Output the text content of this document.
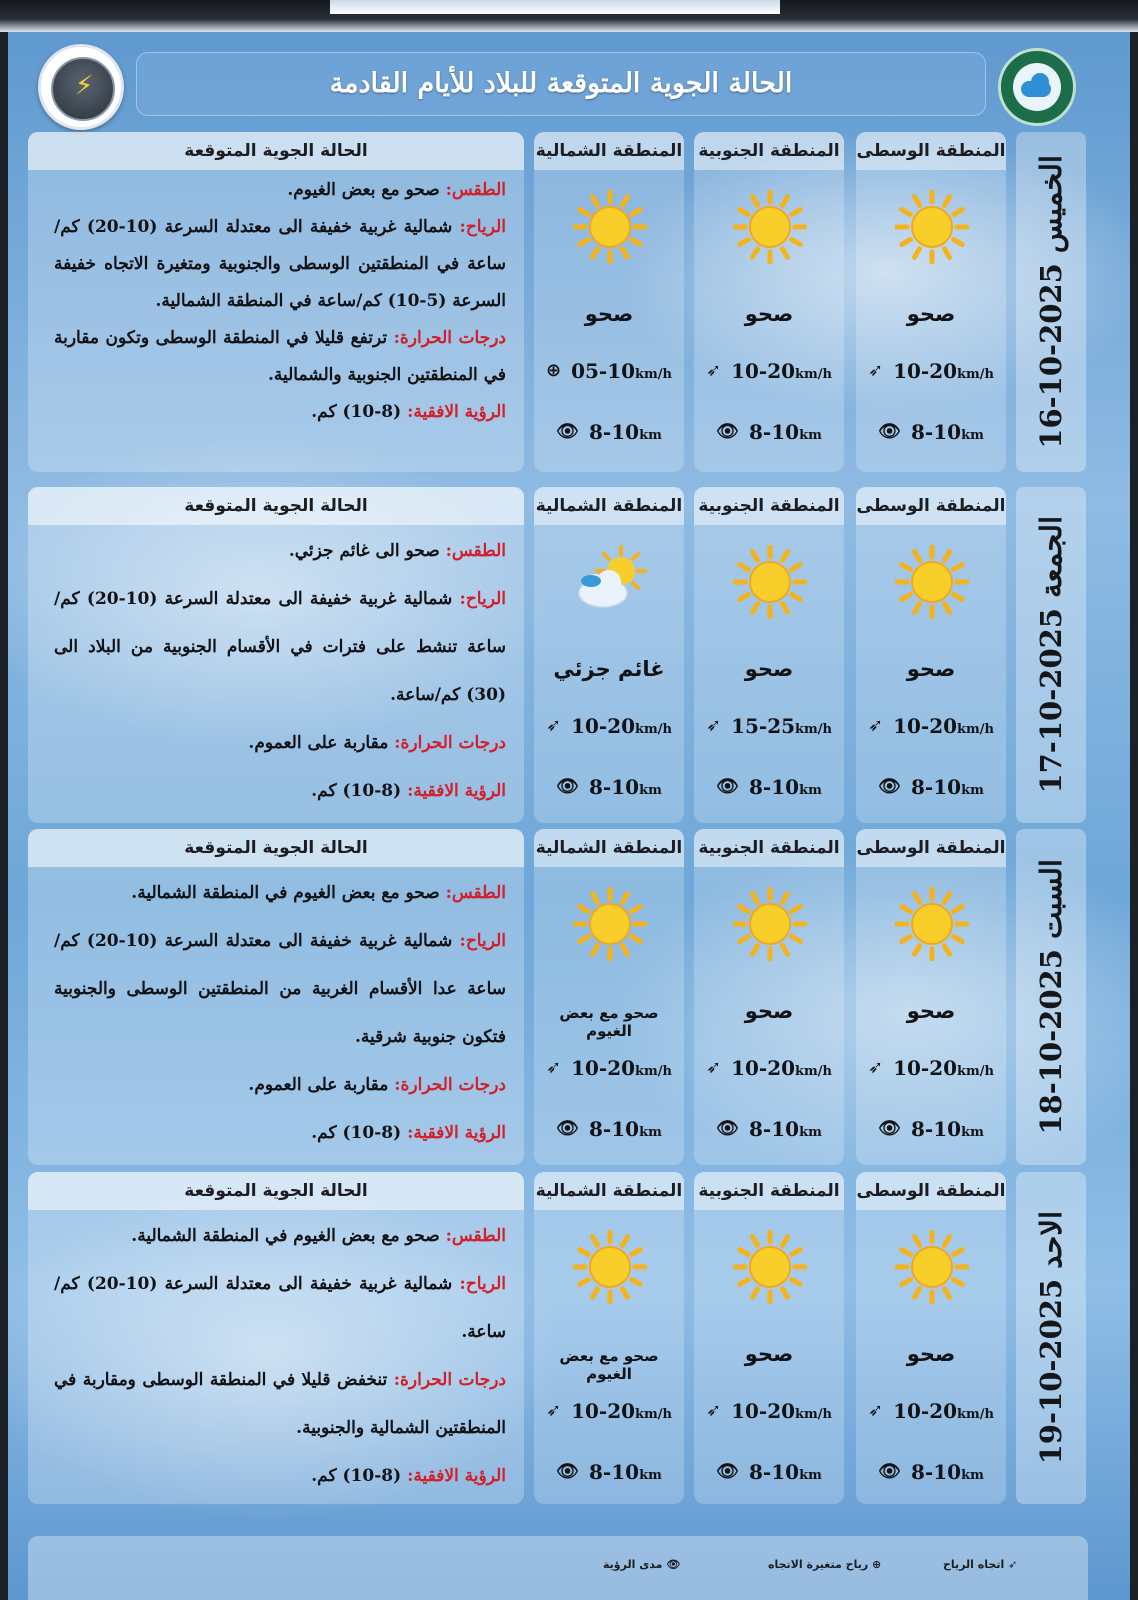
⚡	الحالة الجوية المتوقعة للبلاد للأيام القادمة
الخميس 2025-10-16
المنطقة الوسطى
صحو
➶ 10-20km/h
👁 8-10km
المنطقة الجنوبية
صحو
➶ 10-20km/h
👁 8-10km
المنطقة الشمالية
صحو
⊕ 05-10km/h
👁 8-10km
الحالة الجوية المتوقعة

الطقس: صحو مع بعض الغيوم.

الرياح: شمالية غربية خفيفة الى معتدلة السرعة (10-20) كم/ساعة في المنطقتين الوسطى والجنوبية ومتغيرة الاتجاه خفيفة السرعة (5-10) كم/ساعة في المنطقة الشمالية.

درجات الحرارة: ترتفع قليلا في المنطقة الوسطى وتكون مقاربة في المنطقتين الجنوبية والشمالية.

الرؤية الافقية: (8-10) كم.

الجمعة 2025-10-17
المنطقة الوسطى
صحو
➶ 10-20km/h
👁 8-10km
المنطقة الجنوبية
صحو
➶ 15-25km/h
👁 8-10km
المنطقة الشمالية
غائم جزئي
➶ 10-20km/h
👁 8-10km
الحالة الجوية المتوقعة

الطقس: صحو الى غائم جزئي.

الرياح: شمالية غربية خفيفة الى معتدلة السرعة (10-20) كم/ساعة تنشط على فترات في الأقسام الجنوبية من البلاد الى (30) كم/ساعة.

درجات الحرارة: مقاربة على العموم.

الرؤية الافقية: (8-10) كم.

السبت 2025-10-18
المنطقة الوسطى
صحو
➶ 10-20km/h
👁 8-10km
المنطقة الجنوبية
صحو
➶ 10-20km/h
👁 8-10km
المنطقة الشمالية
صحو مع بعض الغيوم
➶ 10-20km/h
👁 8-10km
الحالة الجوية المتوقعة

الطقس: صحو مع بعض الغيوم في المنطقة الشمالية.

الرياح: شمالية غربية خفيفة الى معتدلة السرعة (10-20) كم/ساعة عدا الأقسام الغربية من المنطقتين الوسطى والجنوبية فتكون جنوبية شرقية.

درجات الحرارة: مقاربة على العموم.

الرؤية الافقية: (8-10) كم.

الاحد 2025-10-19
المنطقة الوسطى
صحو
➶ 10-20km/h
👁 8-10km
المنطقة الجنوبية
صحو
➶ 10-20km/h
👁 8-10km
المنطقة الشمالية
صحو مع بعض الغيوم
➶ 10-20km/h
👁 8-10km
الحالة الجوية المتوقعة

الطقس: صحو مع بعض الغيوم في المنطقة الشمالية.

الرياح: شمالية غربية خفيفة الى معتدلة السرعة (10-20) كم/ساعة.

درجات الحرارة: تنخفض قليلا في المنطقة الوسطى ومقاربة في المنطقتين الشمالية والجنوبية.

الرؤية الافقية: (8-10) كم.

➶ اتجاه الرياح
⊕ رياح متغيرة الاتجاه
👁 مدى الرؤية
